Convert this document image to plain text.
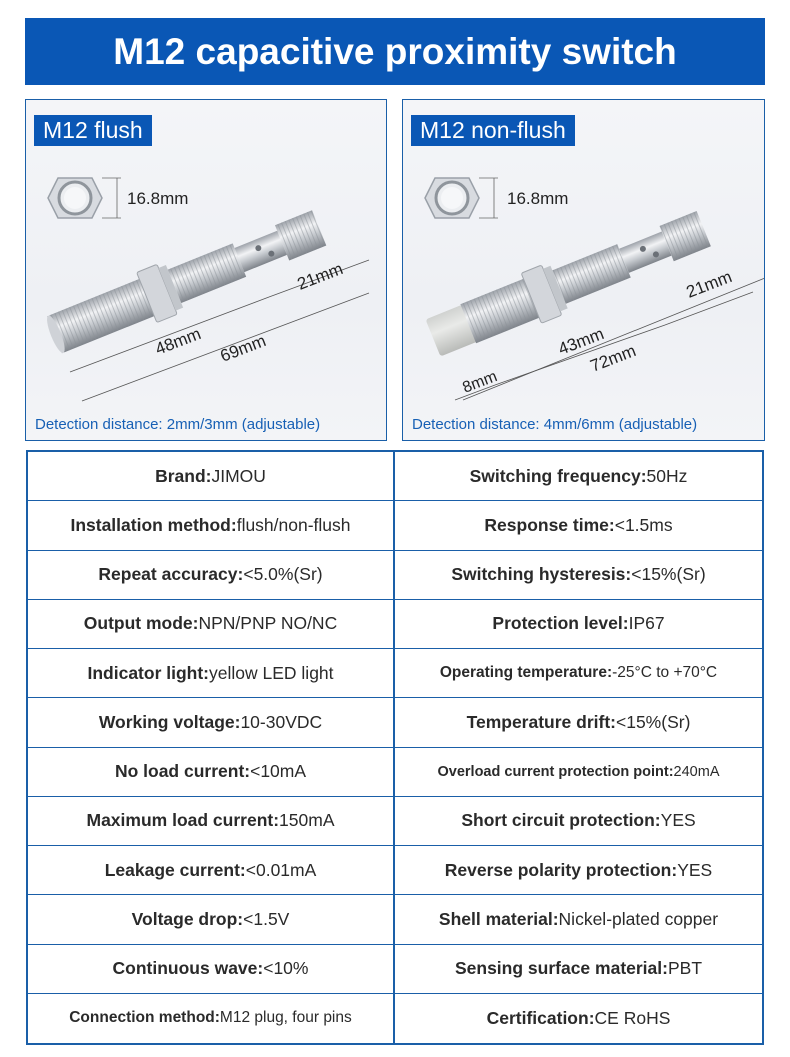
M12 capacitive proximity switch
16.8mm
48mm 69mm
21mm
M12 flush
Detection distance: 2mm/3mm (adjustable)
16.8mm
8mm
43mm
72mm
21mm
M12 non-flush
Detection distance: 4mm/6mm (adjustable)
Brand: JIMOU	Switching frequency: 50Hz
Installation method: flush/non-flush	Response time: <1.5ms
Repeat accuracy: <5.0%(Sr)	Switching hysteresis: <15%(Sr)
Output mode: NPN/PNP NO/NC	Protection level: IP67
Indicator light: yellow LED light	Operating temperature: -25°C to +70°C
Working voltage: 10-30VDC	Temperature drift: <15%(Sr)
No load current: <10mA	Overload current protection point: 240mA
Maximum load current: 150mA	Short circuit protection: YES
Leakage current: <0.01mA	Reverse polarity protection: YES
Voltage drop: <1.5V	Shell material: Nickel-plated copper
Continuous wave: <10%	Sensing surface material: PBT
Connection method: M12 plug, four pins	Certification: CE RoHS
